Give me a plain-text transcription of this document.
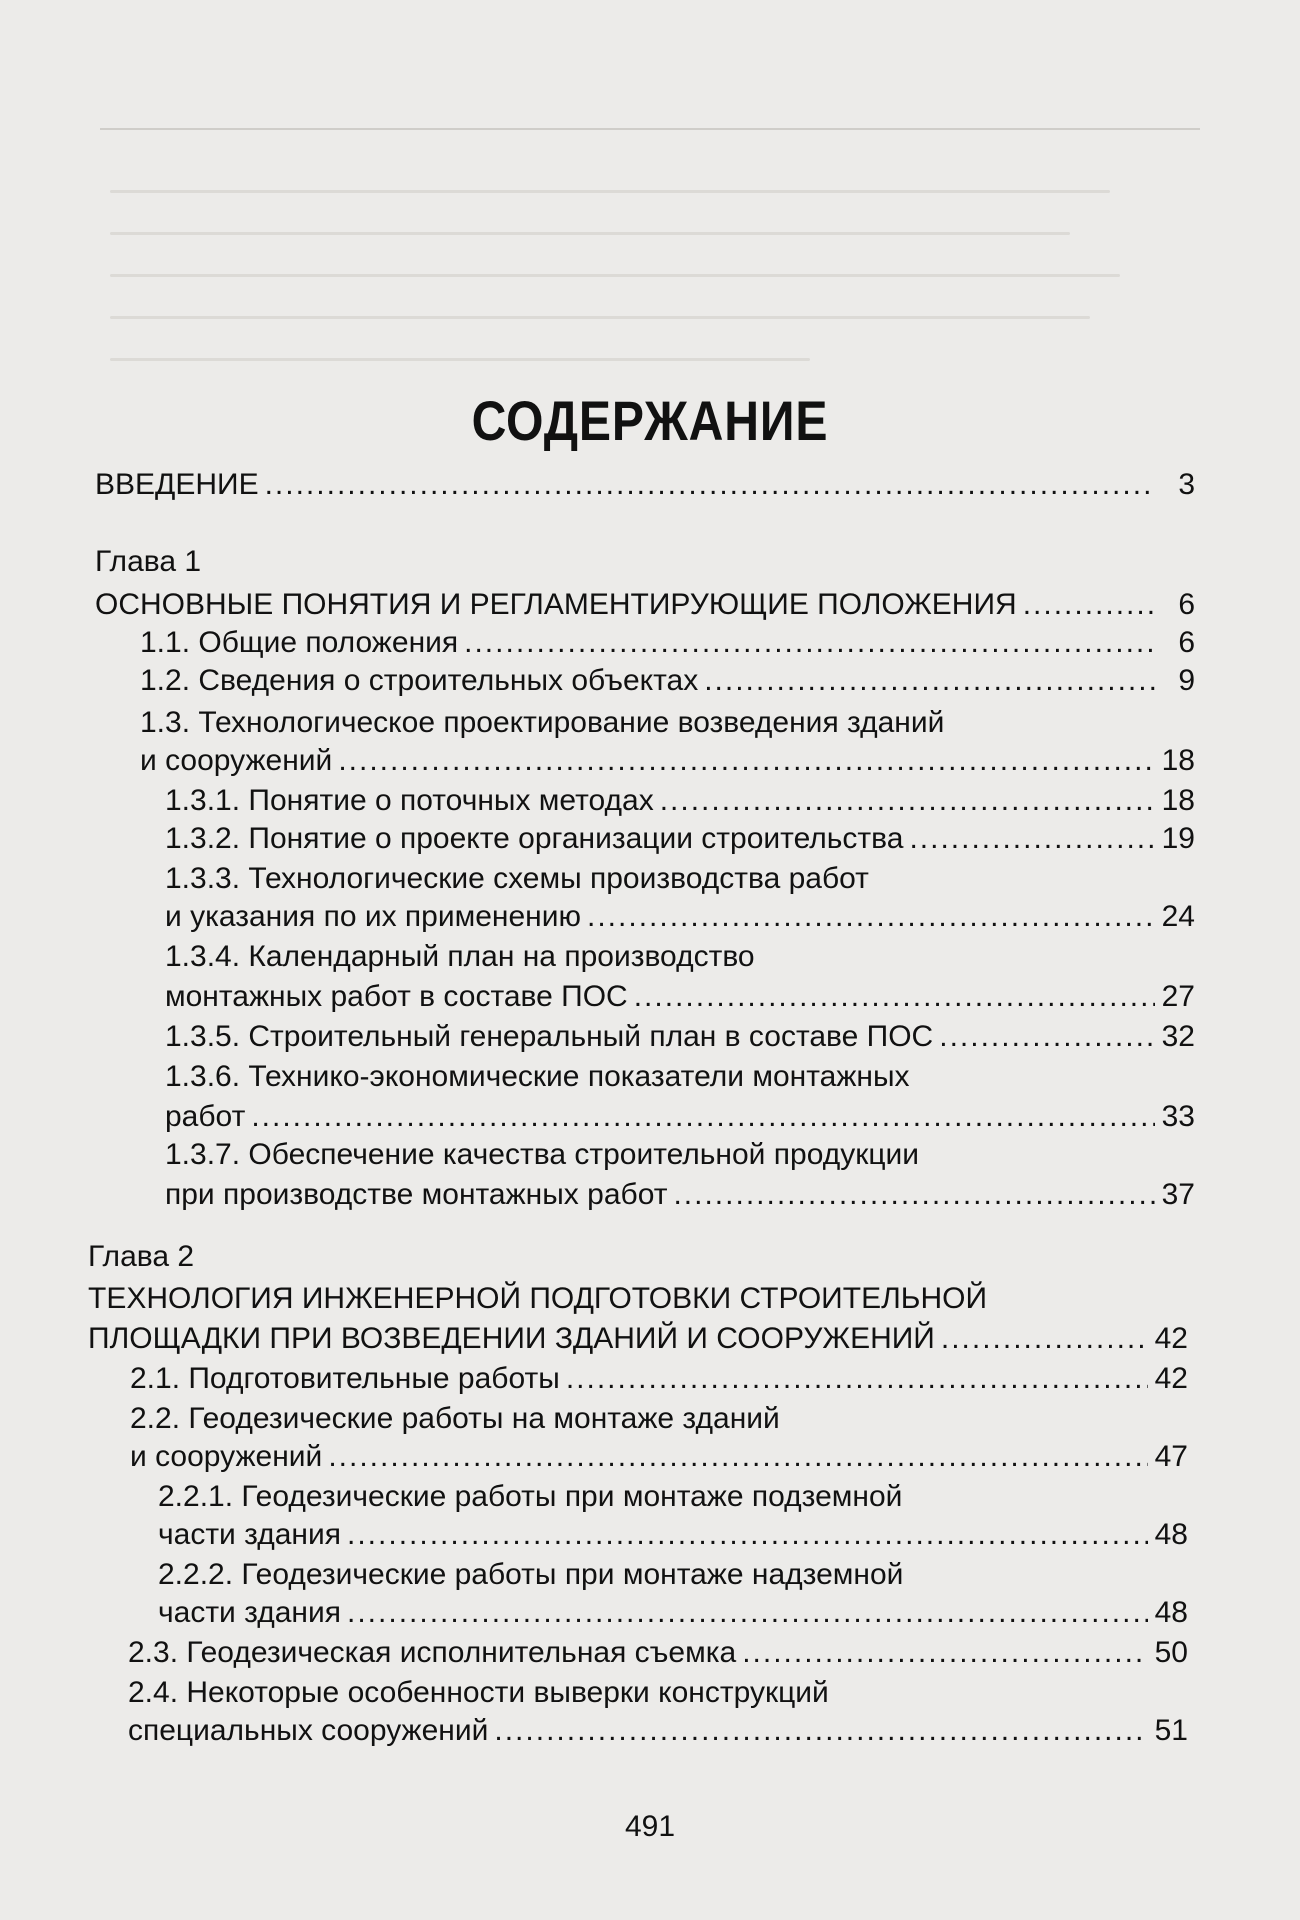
СОДЕРЖАНИЕ
ВВЕДЕНИЕ .....	3
Глава 1
ОСНОВНЫЕ ПОНЯТИЯ И РЕГЛАМЕНТИРУЮЩИЕ ПОЛОЖЕНИЯ .....	6
1.1. Общие положения .....	6
1.2. Сведения о строительных объектах .....	9
1.3. Технологическое проектирование возведения зданий
и сооружений .....	18
1.3.1. Понятие о поточных методах .....	18
1.3.2. Понятие о проекте организации строительства .....	19
1.3.3. Технологические схемы производства работ
и указания по их применению .....	24
1.3.4. Календарный план на производство
монтажных работ в составе ПОС .....	27
1.3.5. Строительный генеральный план в составе ПОС .....	32
1.3.6. Технико-экономические показатели монтажных
работ .....	33
1.3.7. Обеспечение качества строительной продукции
при производстве монтажных работ .....	37
Глава 2
ТЕХНОЛОГИЯ ИНЖЕНЕРНОЙ ПОДГОТОВКИ СТРОИТЕЛЬНОЙ
ПЛОЩАДКИ ПРИ ВОЗВЕДЕНИИ ЗДАНИЙ И СООРУЖЕНИЙ .....	42
2.1. Подготовительные работы .....	42
2.2. Геодезические работы на монтаже зданий
и сооружений .....	47
2.2.1. Геодезические работы при монтаже подземной
части здания .....	48
2.2.2. Геодезические работы при монтаже надземной
части здания .....	48
2.3. Геодезическая исполнительная съемка .....	50
2.4. Некоторые особенности выверки конструкций
специальных сооружений .....	51
491
